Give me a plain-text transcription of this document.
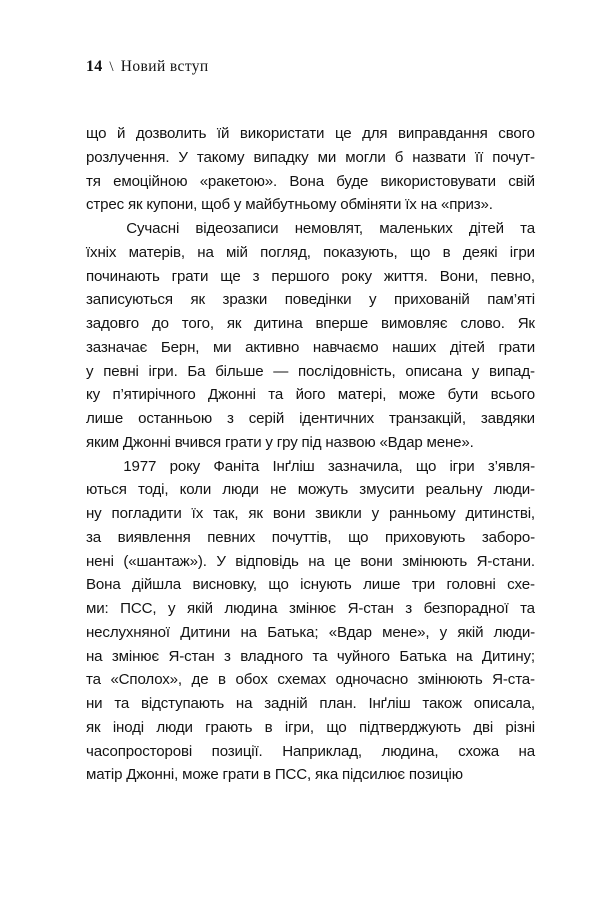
14 \ Новий вступ

що й дозволить їй використати це для виправдання свого
розлучення. У такому випадку ми могли б назвати її почут-
тя емоційною «ракетою». Вона буде використовувати свій
стрес як купони, щоб у майбутньому обміняти їх на «приз».

Сучасні відеозаписи немовлят, маленьких дітей та
їхніх матерів, на мій погляд, показують, що в деякі ігри
починають грати ще з першого року життя. Вони, певно,
записуються як зразки поведінки у прихованій пам’яті
задовго до того, як дитина вперше вимовляє слово. Як
зазначає Берн, ми активно навчаємо наших дітей грати
у певні ігри. Ба більше — послідовність, описана у випад-
ку п’ятирічного Джонні та його матері, може бути всього
лише останньою з серій ідентичних транзакцій, завдяки
яким Джонні вчився грати у гру під назвою «Вдар мене».

1977 року Фаніта Інґліш зазначила, що ігри з’явля-
ються тоді, коли люди не можуть змусити реальну люди-
ну погладити їх так, як вони звикли у ранньому дитинстві,
за виявлення певних почуттів, що приховують заборо-
нені («шантаж»). У відповідь на це вони змінюють Я-стани.
Вона дійшла висновку, що існують лише три головні схе-
ми: ПСС, у якій людина змінює Я-стан з безпорадної та
неслухняної Дитини на Батька; «Вдар мене», у якій люди-
на змінює Я-стан з владного та чуйного Батька на Дитину;
та «Сполох», де в обох схемах одночасно змінюють Я-ста-
ни та відступають на задній план. Інґліш також описала,
як іноді люди грають в ігри, що підтверджують дві різні
часопросторові позиції. Наприклад, людина, схожа на
матір Джонні, може грати в ПСС, яка підсилює позицію
